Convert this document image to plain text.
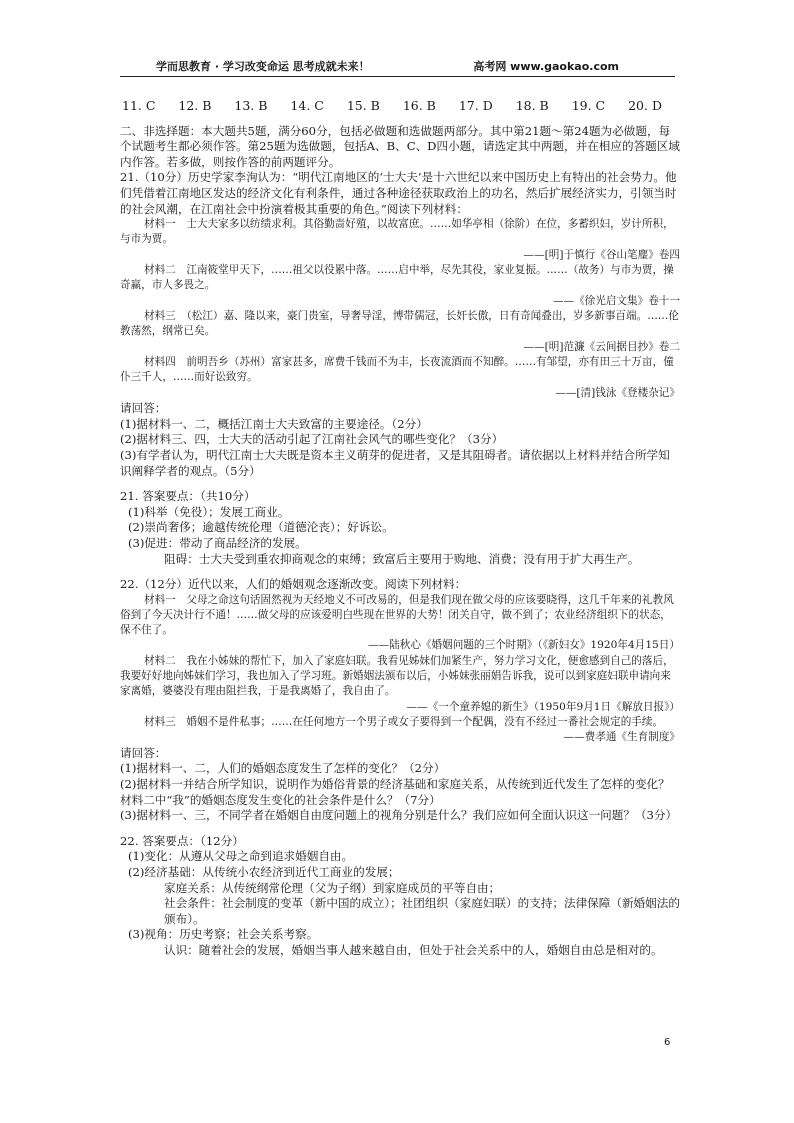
学而思教育 · 学习改变命运 思考成就未来！	高考网 www.gaokao.com
11. C 12. B 13. B 14. C 15. B 16. B 17. D 18. B 19. C 20. D

二、非选择题：本大题共5题，满分60分，包括必做题和选做题两部分。其中第21题～第24题为必做题，每个试题考生都必须作答。第25题为选做题，包括A、B、C、D四小题，请选定其中两题，并在相应的答题区域内作答。若多做，则按作答的前两题评分。

21.（10分）历史学家李洵认为：“明代江南地区的‘士大夫’是十六世纪以来中国历史上有特出的社会势力。他们凭借着江南地区发达的经济文化有利条件，通过各种途径获取政治上的功名，然后扩展经济实力，引领当时的社会风潮，在江南社会中扮演着极其重要的角色。”阅读下列材料：

材料一　士大夫家多以纺绩求利。其俗勤啬好殖，以故富庶。……如华亭相（徐阶）在位，多蓄织妇，岁计所积，与市为贾。

——[明]于慎行《谷山笔麈》卷四

材料二　江南筱堂甲天下，……祖父以役累中落。……启中举，尽先其役，家业复振。……（故务）与市为贾，操奇赢，市人多畏之。

——《徐光启文集》卷十一

材料三　（松江）嘉、隆以来，豪门贵室，导奢导淫，博带儒冠，长奸长傲，日有奇闻叠出，岁多新事百端。……伦教荡然，纲常已矣。

——[明]范濂《云间据目抄》卷二

材料四　前明吾乡（苏州）富家甚多，席费千钱而不为丰，长夜流酒而不知醉。……有邹望，亦有田三十万亩，僮仆三千人，……而好讼致穷。

——[清]钱泳《登楼杂记》

请回答：

(1)据材料一、二，概括江南士大夫致富的主要途径。（2分）

(2)据材料三、四，士大夫的活动引起了江南社会风气的哪些变化？（3分）

(3)有学者认为，明代江南士大夫既是资本主义萌芽的促进者，又是其阻碍者。请依据以上材料并结合所学知识阐释学者的观点。（5分）

21. 答案要点：（共10分）

(1)科举（免役）；发展工商业。

(2)崇尚奢侈；逾越传统伦理（道德沦丧）；好诉讼。

(3)促进：带动了商品经济的发展。

阻碍：士大夫受到重农抑商观念的束缚；致富后主要用于购地、消费；没有用于扩大再生产。

22.（12分）近代以来，人们的婚姻观念逐渐改变。阅读下列材料：

材料一　父母之命这句话固然视为天经地义不可改易的，但是我们现在做父母的应该要晓得，这几千年来的礼教风俗到了今天决计行不通！……做父母的应该爱明白些现在世界的大势！闭关自守，做不到了；农业经济组织下的状态，保不住了。

——陆秋心《婚姻问题的三个时期》（《新妇女》1920年4月15日）

材料二　我在小姊妹的帮忙下，加入了家庭妇联。我看见姊妹们加紧生产，努力学习文化，便愈感到自己的落后，我要好好地向姊妹们学习，我也加入了学习班。新婚姻法颁布以后，小姊妹张丽娟告诉我，说可以到家庭妇联申请向来家离婚，婆婆没有理由阻拦我，于是我离婚了，我自由了。

——《一个童养媳的新生》（1950年9月1日《解放日报》）

材料三　婚姻不是件私事；……在任何地方一个男子或女子要得到一个配偶，没有不经过一番社会规定的手续。

——费孝通《生育制度》

请回答：

(1)据材料一、二，人们的婚姻态度发生了怎样的变化？（2分）

(2)据材料一并结合所学知识，说明作为婚俗背景的经济基础和家庭关系，从传统到近代发生了怎样的变化？材料二中“我”的婚姻态度发生变化的社会条件是什么？（7分）

(3)据材料一、三，不同学者在婚姻自由度问题上的视角分别是什么？我们应如何全面认识这一问题？（3分）

22. 答案要点：（12分）

(1)变化：从遵从父母之命到追求婚姻自由。

(2)经济基础：从传统小农经济到近代工商业的发展；

家庭关系：从传统纲常伦理（父为子纲）到家庭成员的平等自由；

社会条件：社会制度的变革（新中国的成立）；社团组织（家庭妇联）的支持；法律保障（新婚姻法的颁布）。

(3)视角：历史考察；社会关系考察。

认识：随着社会的发展，婚姻当事人越来越自由，但处于社会关系中的人，婚姻自由总是相对的。

6
